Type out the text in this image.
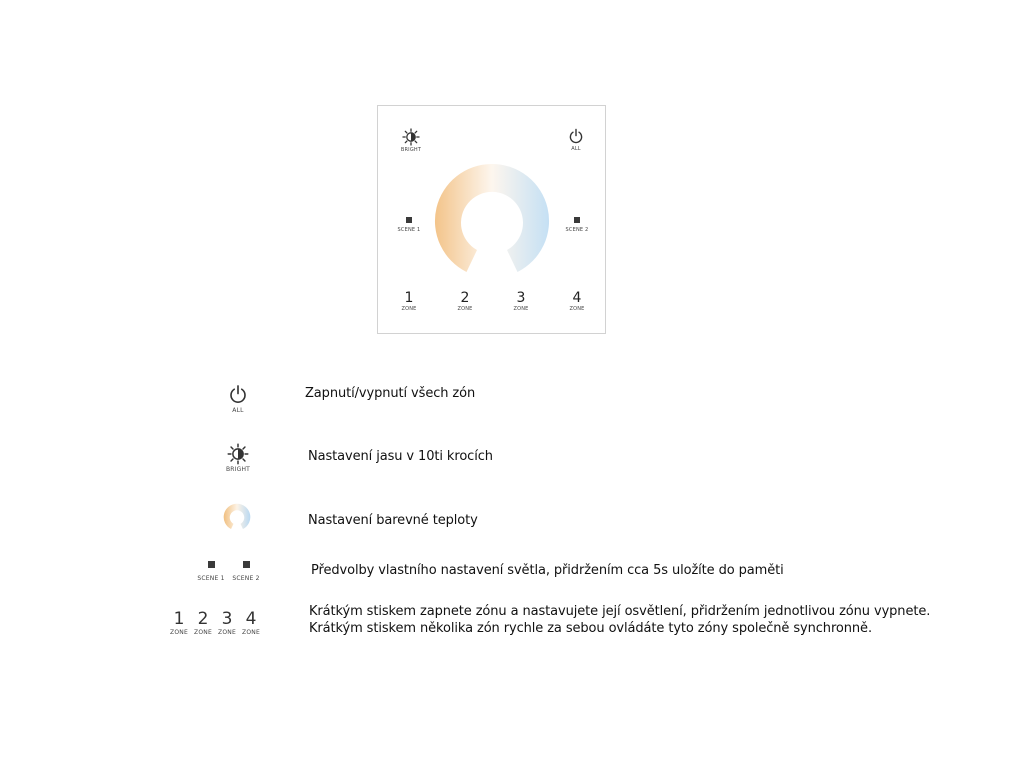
BRIGHT	ALL
SCENE 1	SCENE 2
1
ZONE
2
ZONE
3
ZONE
4
ZONE
ALL
Zapnutí/vypnutí všech zón
BRIGHT
Nastavení jasu v 10ti krocích
Nastavení barevné teploty
SCENE 1	SCENE 2
Předvolby vlastního nastavení světla, přidržením cca 5s uložíte do paměti
1
ZONE
2
ZONE
3
ZONE
4
ZONE
Krátkým stiskem zapnete zónu a nastavujete její osvětlení, přidržením jednotlivou zónu vypnete.
Krátkým stiskem několika zón rychle za sebou ovládáte tyto zóny společně synchronně.
